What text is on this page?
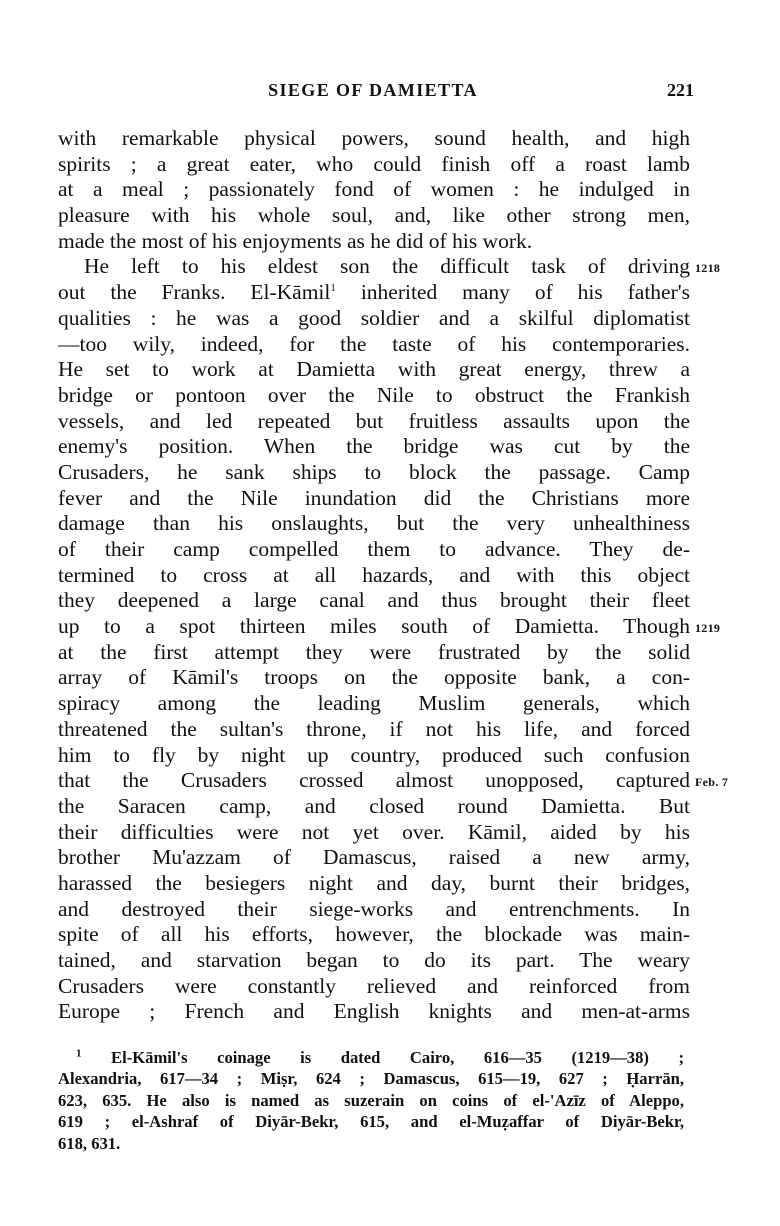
SIEGE OF DAMIETTA	221
with remarkable physical powers, sound health, and high
spirits ; a great eater, who could finish off a roast lamb
at a meal ; passionately fond of women : he indulged in
pleasure with his whole soul, and, like other strong men,
made the most of his enjoyments as he did of his work.
He left to his eldest son the difficult task of driving 1218
out the Franks. El-Kāmil$^1$ inherited many of his father's
qualities : he was a good soldier and a skilful diplomatist
—too wily, indeed, for the taste of his contemporaries.
He set to work at Damietta with great energy, threw a
bridge or pontoon over the Nile to obstruct the Frankish
vessels, and led repeated but fruitless assaults upon the
enemy's position. When the bridge was cut by the
Crusaders, he sank ships to block the passage. Camp
fever and the Nile inundation did the Christians more
damage than his onslaughts, but the very unhealthiness
of their camp compelled them to advance. They de-
termined to cross at all hazards, and with this object
they deepened a large canal and thus brought their fleet
up to a spot thirteen miles south of Damietta. Though 1219
at the first attempt they were frustrated by the solid
array of Kāmil's troops on the opposite bank, a con-
spiracy among the leading Muslim generals, which
threatened the sultan's throne, if not his life, and forced
him to fly by night up country, produced such confusion
that the Crusaders crossed almost unopposed, captured Feb. 7
the Saracen camp, and closed round Damietta. But
their difficulties were not yet over. Kāmil, aided by his
brother Mu'azzam of Damascus, raised a new army,
harassed the besiegers night and day, burnt their bridges,
and destroyed their siege-works and entrenchments. In
spite of all his efforts, however, the blockade was main-
tained, and starvation began to do its part. The weary
Crusaders were constantly relieved and reinforced from
Europe ; French and English knights and men-at-arms
$^1$ El-Kāmil's coinage is dated Cairo, 616—35 (1219—38) ;
Alexandria, 617—34 ; Miṣr, 624 ; Damascus, 615—19, 627 ; Ḥarrān,
623, 635. He also is named as suzerain on coins of el-'Azīz of Aleppo,
619 ; el-Ashraf of Diyār-Bekr, 615, and el-Muẓaffar of Diyār-Bekr,
618, 631.
